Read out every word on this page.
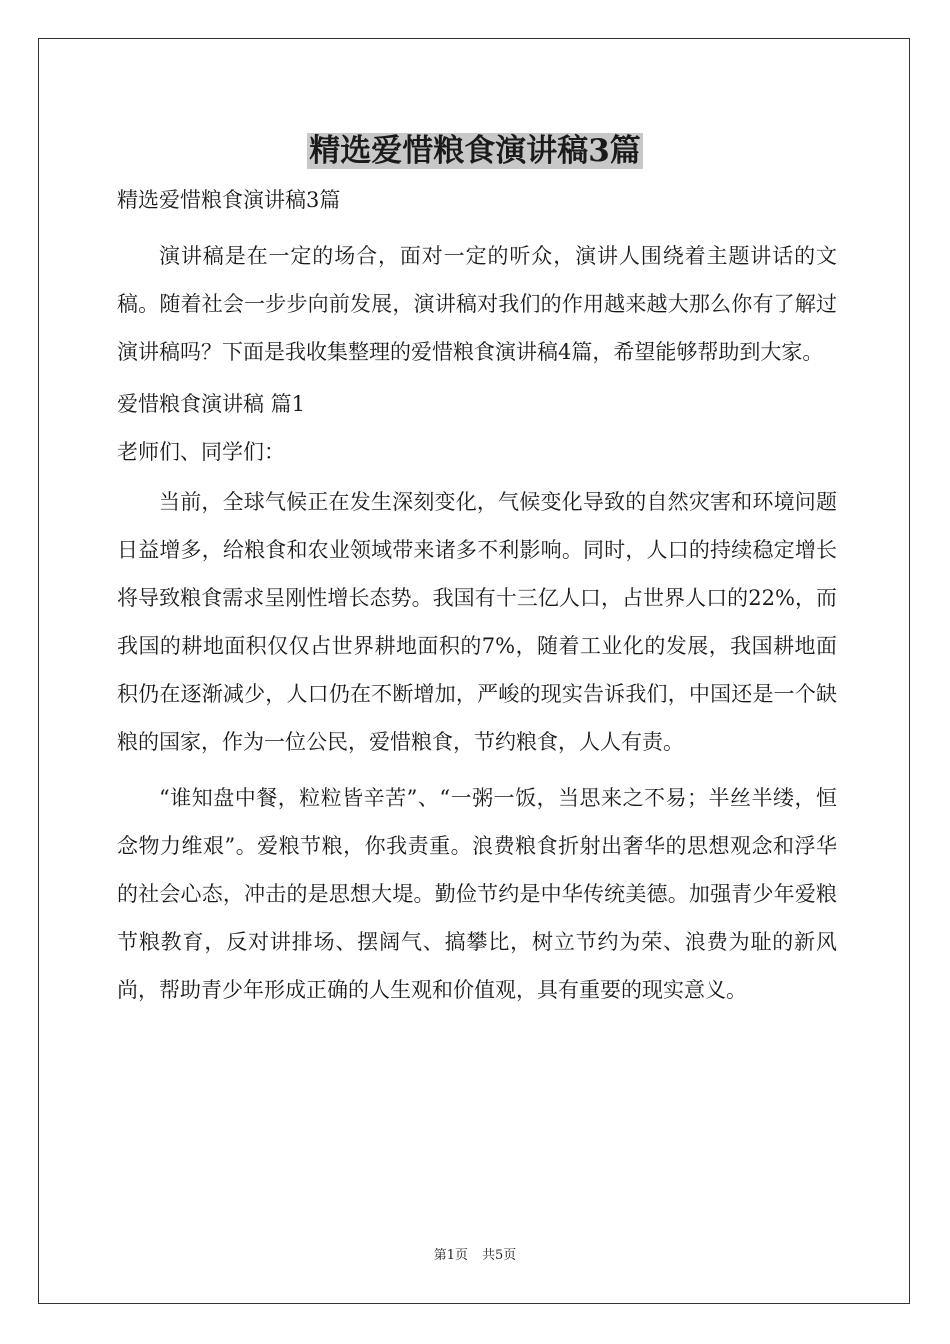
精选爱惜粮食演讲稿3篇

精选爱惜粮食演讲稿3篇

演讲稿是在一定的场合，面对一定的听众，演讲人围绕着主题讲话的文稿。随着社会一步步向前发展，演讲稿对我们的作用越来越大那么你有了解过演讲稿吗？下面是我收集整理的爱惜粮食演讲稿4篇，希望能够帮助到大家。

爱惜粮食演讲稿 篇1

老师们、同学们：

当前，全球气候正在发生深刻变化，气候变化导致的自然灾害和环境问题日益增多，给粮食和农业领域带来诸多不利影响。同时，人口的持续稳定增长将导致粮食需求呈刚性增长态势。我国有十三亿人口，占世界人口的22%，而我国的耕地面积仅仅占世界耕地面积的7%，随着工业化的发展，我国耕地面积仍在逐渐减少，人口仍在不断增加，严峻的现实告诉我们，中国还是一个缺粮的国家，作为一位公民，爱惜粮食，节约粮食，人人有责。

“谁知盘中餐，粒粒皆辛苦”、“一粥一饭，当思来之不易；半丝半缕，恒念物力维艰”。爱粮节粮，你我责重。浪费粮食折射出奢华的思想观念和浮华的社会心态，冲击的是思想大堤。勤俭节约是中华传统美德。加强青少年爱粮节粮教育，反对讲排场、摆阔气、搞攀比，树立节约为荣、浪费为耻的新风尚，帮助青少年形成正确的人生观和价值观，具有重要的现实意义。

第1页 共5页
